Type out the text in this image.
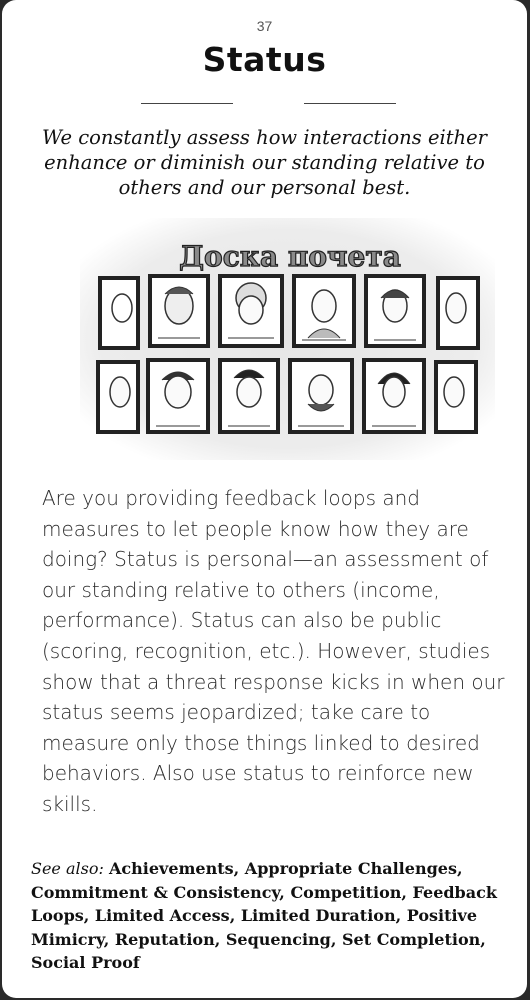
37
Status
We constantly assess how interactions either enhance or diminish our standing relative to others and our personal best.
Доска почета
Are you providing feedback loops and measures to let people know how they are doing? Status is personal—an assessment of our standing relative to others (income, performance). Status can also be public (scoring, recognition, etc.). However, studies show that a threat response kicks in when our status seems jeopardized; take care to measure only those things linked to desired behaviors. Also use status to reinforce new skills.
See also: Achievements, Appropriate Challenges, Commitment & Consistency, Competition, Feedback Loops, Limited Access, Limited Duration, Positive Mimicry, Reputation, Sequencing, Set Completion, Social Proof
